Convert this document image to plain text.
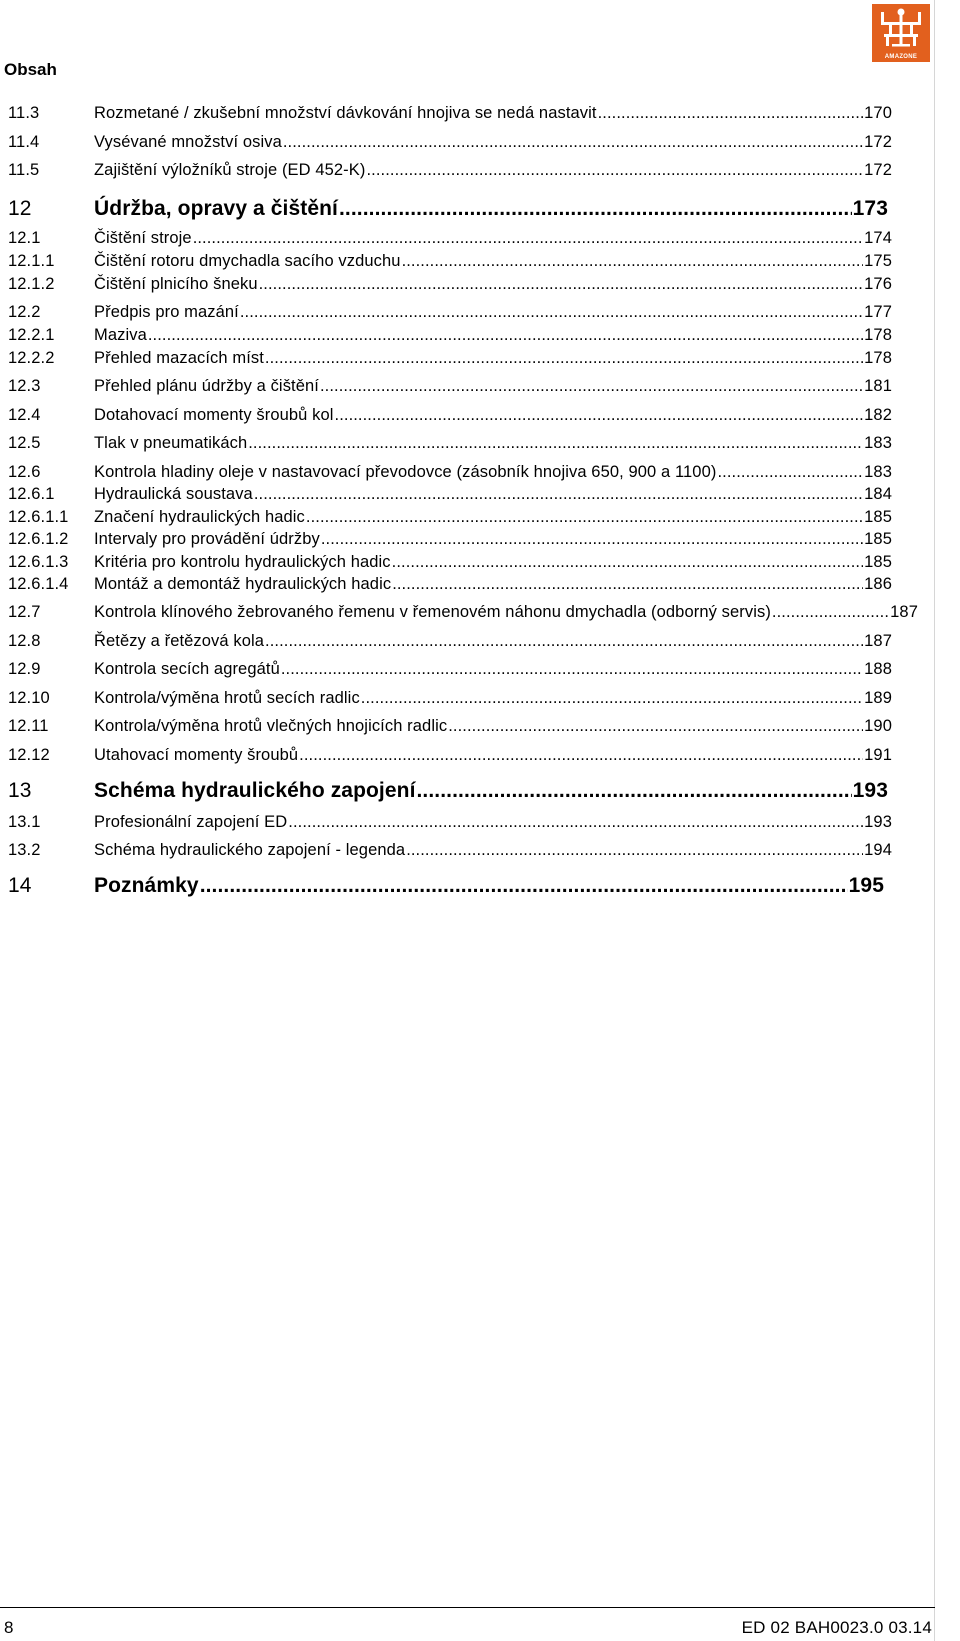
Obsah
AMAZONE
11.3	Rozmetané / zkušební množství dávkování hnojiva se nedá nastavit .....	170
11.4	Vysévané množství osiva .....	172
11.5	Zajištění výložníků stroje (ED 452-K) .....	172
12	Údržba, opravy a čištění .....	173
12.1	Čištění stroje .....	174
12.1.1	Čištění rotoru dmychadla sacího vzduchu .....	175
12.1.2	Čištění plnicího šneku .....	176
12.2	Předpis pro mazání .....	177
12.2.1	Maziva .....	178
12.2.2	Přehled mazacích míst .....	178
12.3	Přehled plánu údržby a čištění .....	181
12.4	Dotahovací momenty šroubů kol .....	182
12.5	Tlak v pneumatikách .....	183
12.6	Kontrola hladiny oleje v nastavovací převodovce (zásobník hnojiva 650, 900 a 1100) .....	183
12.6.1	Hydraulická soustava .....	184
12.6.1.1	Značení hydraulických hadic .....	185
12.6.1.2	Intervaly pro provádění údržby .....	185
12.6.1.3	Kritéria pro kontrolu hydraulických hadic .....	185
12.6.1.4	Montáž a demontáž hydraulických hadic .....	186
12.7	Kontrola klínového žebrovaného řemenu v řemenovém náhonu dmychadla (odborný servis) .....	187
12.8	Řetězy a řetězová kola .....	187
12.9	Kontrola secích agregátů .....	188
12.10	Kontrola/výměna hrotů secích radlic .....	189
12.11	Kontrola/výměna hrotů vlečných hnojicích radlic .....	190
12.12	Utahovací momenty šroubů .....	191
13	Schéma hydraulického zapojení .....	193
13.1	Profesionální zapojení ED .....	193
13.2	Schéma hydraulického zapojení - legenda .....	194
14	Poznámky .....	195
8	ED 02 BAH0023.0 03.14
